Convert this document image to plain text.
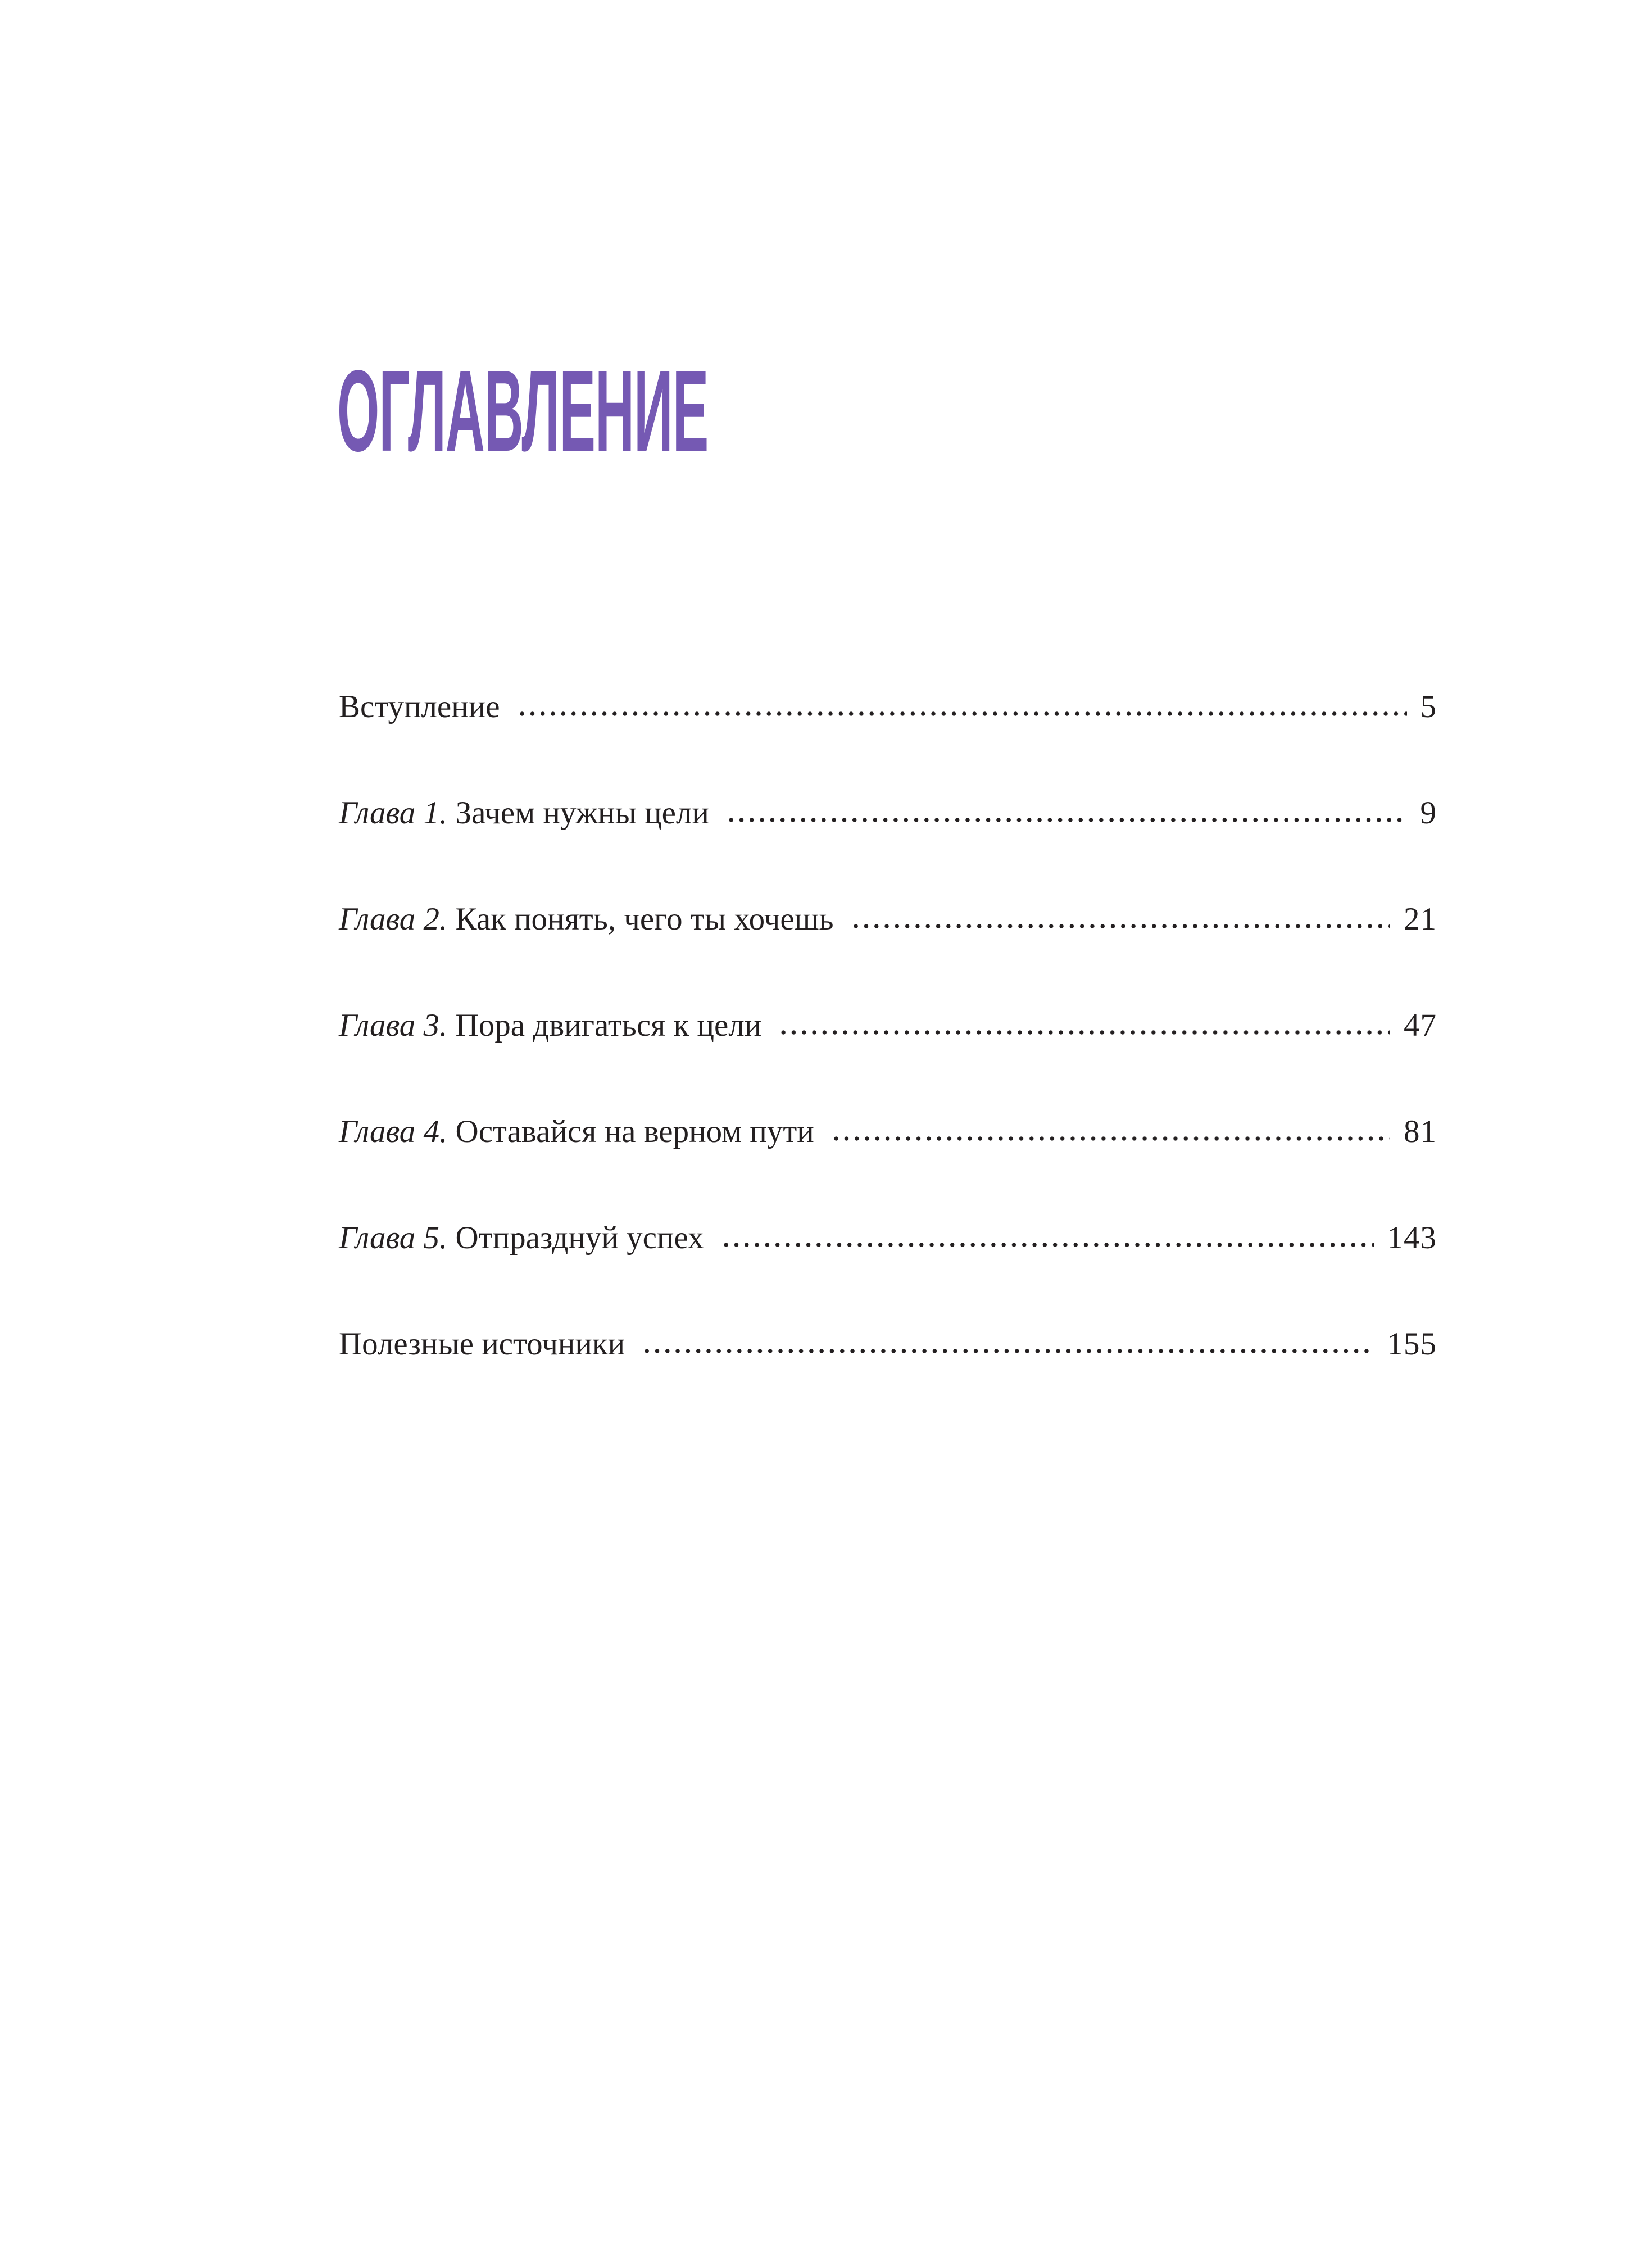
ОГЛАВЛЕНИЕ
Вступление	5
Глава 1. Зачем нужны цели	9
Глава 2. Как понять, чего ты хочешь	21
Глава 3. Пора двигаться к цели	47
Глава 4. Оставайся на верном пути	81
Глава 5. Отпразднуй успех	143
Полезные источники	155
